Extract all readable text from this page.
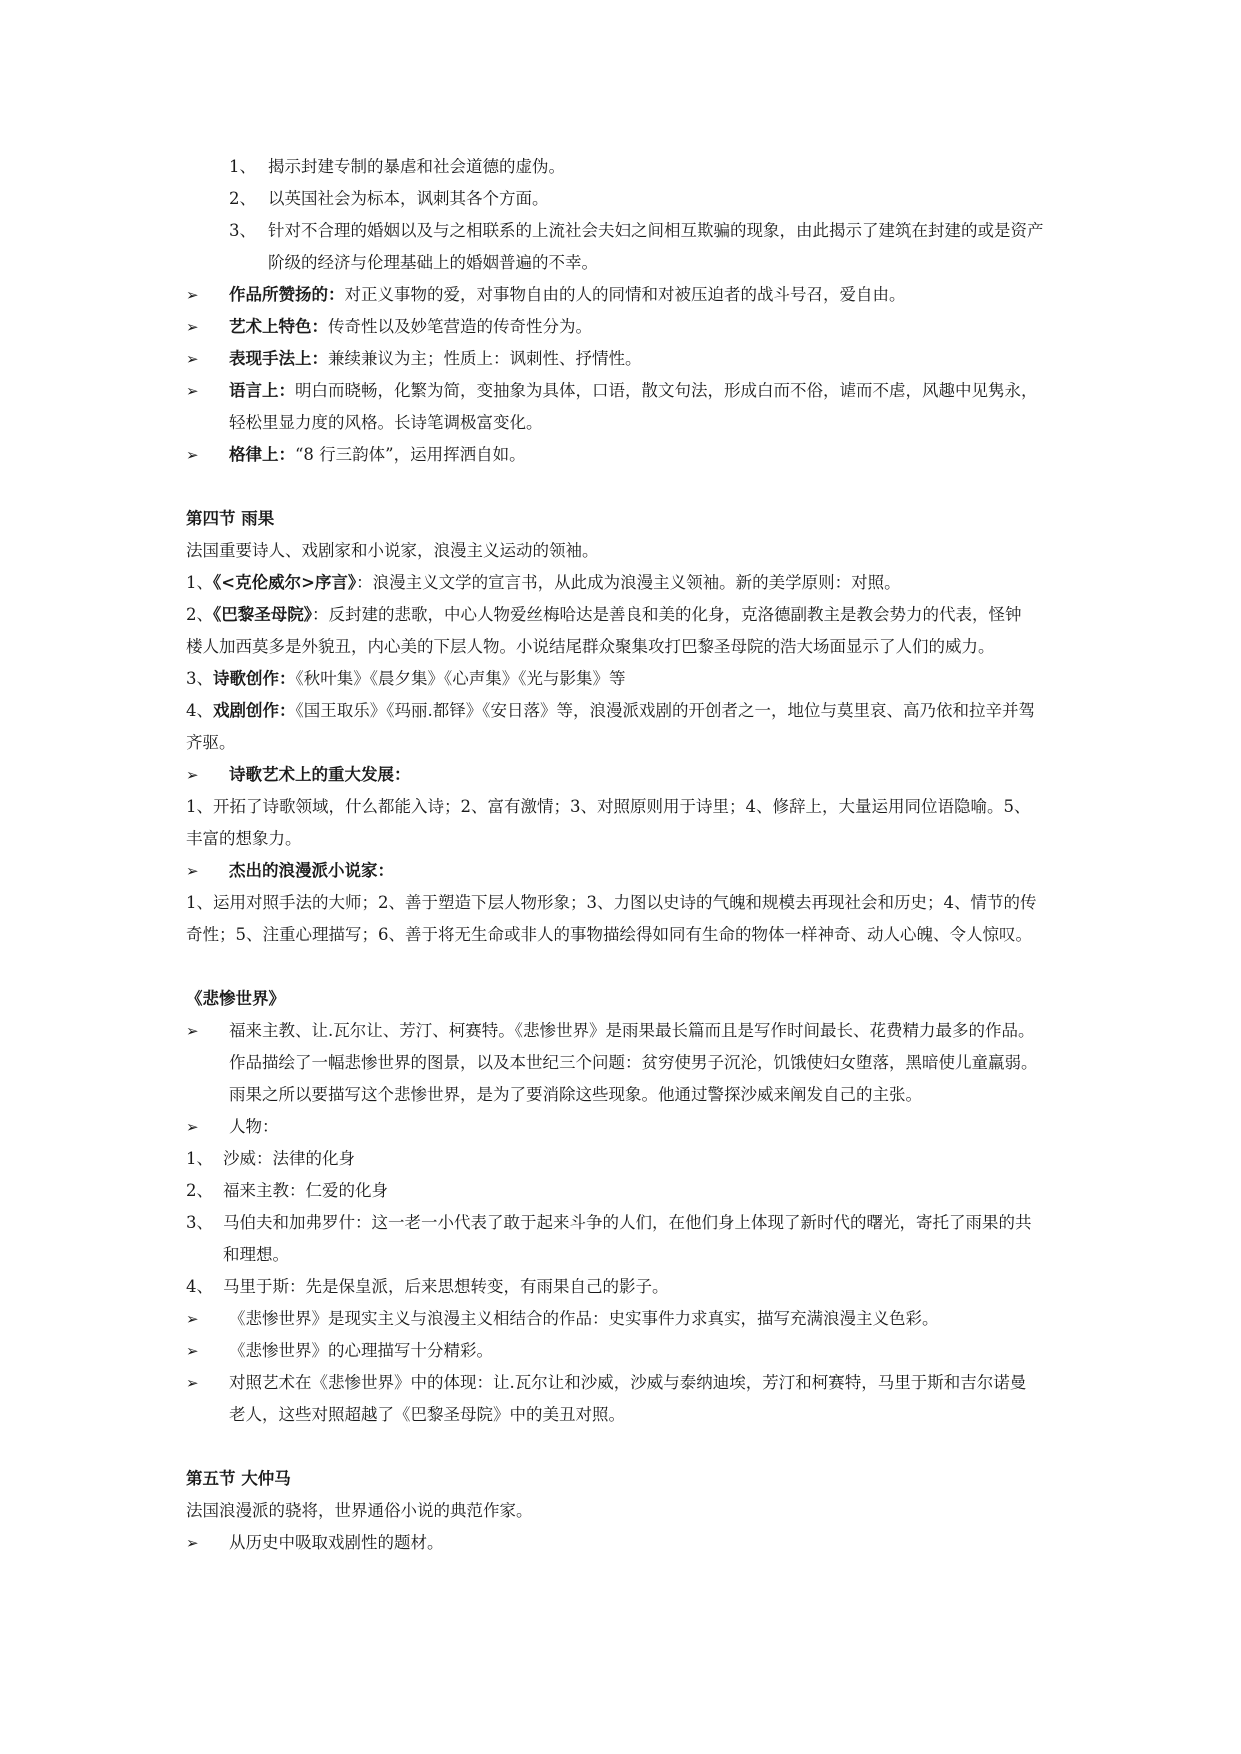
1、 揭示封建专制的暴虐和社会道德的虚伪。
2、 以英国社会为标本，讽刺其各个方面。
3、 针对不合理的婚姻以及与之相联系的上流社会夫妇之间相互欺骗的现象，由此揭示了建筑在封建的或是资产
阶级的经济与伦理基础上的婚姻普遍的不幸。
➢ 作品所赞扬的：对正义事物的爱，对事物自由的人的同情和对被压迫者的战斗号召，爱自由。
➢ 艺术上特色：传奇性以及妙笔营造的传奇性分为。
➢ 表现手法上：兼续兼议为主；性质上：讽刺性、抒情性。
➢ 语言上：明白而晓畅，化繁为简，变抽象为具体，口语，散文句法，形成白而不俗，谑而不虐，风趣中见隽永，
轻松里显力度的风格。长诗笔调极富变化。
➢ 格律上：“8 行三韵体”，运用挥洒自如。
第四节 雨果
法国重要诗人、戏剧家和小说家，浪漫主义运动的领袖。
1、《<克伦威尔>序言》：浪漫主义文学的宣言书，从此成为浪漫主义领袖。新的美学原则：对照。
2、《巴黎圣母院》：反封建的悲歌，中心人物爱丝梅哈达是善良和美的化身，克洛德副教主是教会势力的代表，怪钟
楼人加西莫多是外貌丑，内心美的下层人物。小说结尾群众聚集攻打巴黎圣母院的浩大场面显示了人们的威力。
3、诗歌创作：《秋叶集》《晨夕集》《心声集》《光与影集》等
4、戏剧创作：《国王取乐》《玛丽.都铎》《安日落》等，浪漫派戏剧的开创者之一，地位与莫里哀、高乃依和拉辛并驾
齐驱。
➢ 诗歌艺术上的重大发展：
1、开拓了诗歌领域，什么都能入诗；2、富有激情；3、对照原则用于诗里；4、修辞上，大量运用同位语隐喻。5、
丰富的想象力。
➢ 杰出的浪漫派小说家：
1、运用对照手法的大师；2、善于塑造下层人物形象；3、力图以史诗的气魄和规模去再现社会和历史；4、情节的传
奇性；5、注重心理描写；6、善于将无生命或非人的事物描绘得如同有生命的物体一样神奇、动人心魄、令人惊叹。
《悲惨世界》
➢ 福来主教、让.瓦尔让、芳汀、柯赛特。《悲惨世界》是雨果最长篇而且是写作时间最长、花费精力最多的作品。
作品描绘了一幅悲惨世界的图景，以及本世纪三个问题：贫穷使男子沉沦，饥饿使妇女堕落，黑暗使儿童羸弱。
雨果之所以要描写这个悲惨世界，是为了要消除这些现象。他通过警探沙威来阐发自己的主张。
➢ 人物：
1、 沙威：法律的化身
2、 福来主教：仁爱的化身
3、 马伯夫和加弗罗什：这一老一小代表了敢于起来斗争的人们，在他们身上体现了新时代的曙光，寄托了雨果的共
和理想。
4、 马里于斯：先是保皇派，后来思想转变，有雨果自己的影子。
➢ 《悲惨世界》是现实主义与浪漫主义相结合的作品：史实事件力求真实，描写充满浪漫主义色彩。
➢ 《悲惨世界》的心理描写十分精彩。
➢ 对照艺术在《悲惨世界》中的体现：让.瓦尔让和沙威，沙威与泰纳迪埃，芳汀和柯赛特，马里于斯和吉尔诺曼
老人，这些对照超越了《巴黎圣母院》中的美丑对照。
第五节 大仲马
法国浪漫派的骁将，世界通俗小说的典范作家。
➢ 从历史中吸取戏剧性的题材。
